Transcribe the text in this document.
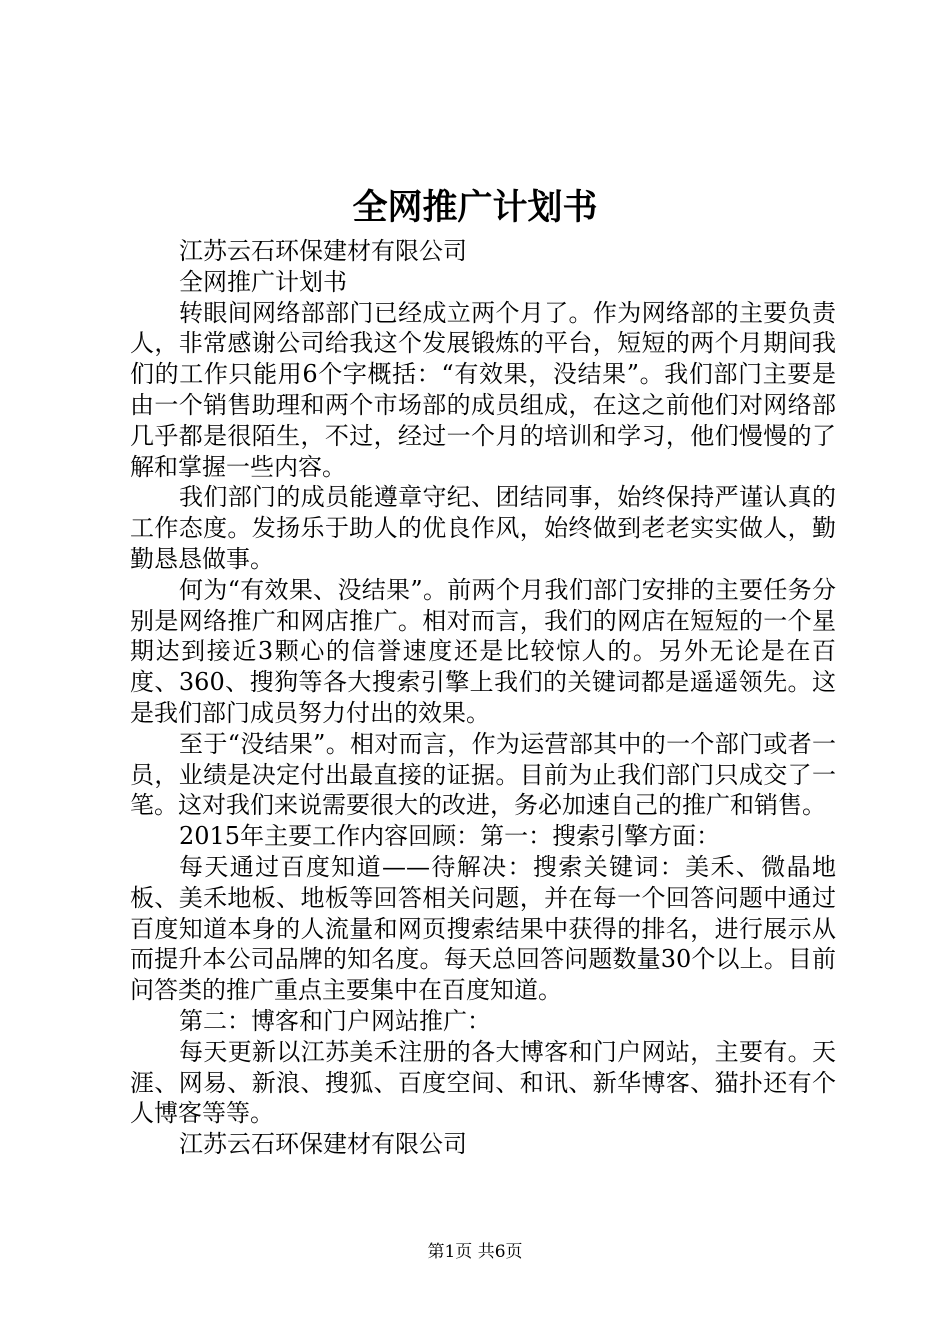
全网推广计划书

江苏云石环保建材有限公司

全网推广计划书

转眼间网络部部门已经成立两个月了。作为网络部的主要负责人，非常感谢公司给我这个发展锻炼的平台，短短的两个月期间我们的工作只能用6个字概括：“有效果，没结果”。我们部门主要是由一个销售助理和两个市场部的成员组成，在这之前他们对网络部几乎都是很陌生，不过，经过一个月的培训和学习，他们慢慢的了解和掌握一些内容。

我们部门的成员能遵章守纪、团结同事，始终保持严谨认真的工作态度。发扬乐于助人的优良作风，始终做到老老实实做人，勤勤恳恳做事。

何为“有效果、没结果”。前两个月我们部门安排的主要任务分别是网络推广和网店推广。相对而言，我们的网店在短短的一个星期达到接近3颗心的信誉速度还是比较惊人的。另外无论是在百度、360、搜狗等各大搜索引擎上我们的关键词都是遥遥领先。这是我们部门成员努力付出的效果。

至于“没结果”。相对而言，作为运营部其中的一个部门或者一员，业绩是决定付出最直接的证据。目前为止我们部门只成交了一笔。这对我们来说需要很大的改进，务必加速自己的推广和销售。

2015年主要工作内容回顾：第一：搜索引擎方面：

每天通过百度知道——待解决：搜索关键词：美禾、微晶地板、美禾地板、地板等回答相关问题，并在每一个回答问题中通过百度知道本身的人流量和网页搜索结果中获得的排名，进行展示从而提升本公司品牌的知名度。每天总回答问题数量30个以上。目前问答类的推广重点主要集中在百度知道。

第二：博客和门户网站推广：

每天更新以江苏美禾注册的各大博客和门户网站，主要有。天涯、网易、新浪、搜狐、百度空间、和讯、新华博客、猫扑还有个人博客等等。

江苏云石环保建材有限公司

第1页 共6页
